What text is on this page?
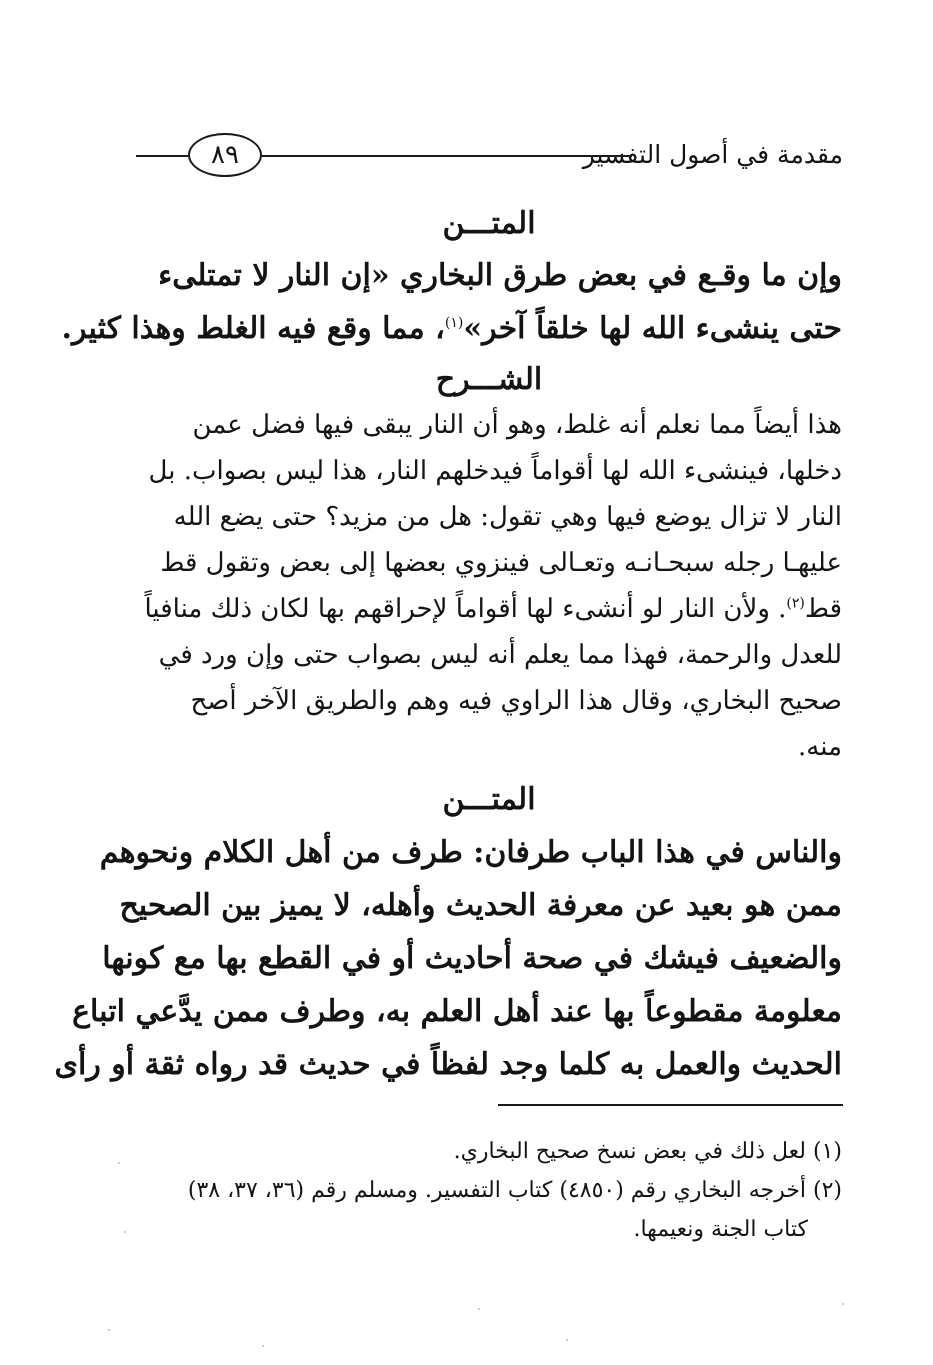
مقدمة في أصول التفسير
٨٩
المتـــن
وإن ما وقـع في بعض طرق البخاري «إن النار لا تمتلىء
حتى ينشىء الله لها خلقاً آخر»$^{(١)}$، مما وقع فيه الغلط وهذا كثير.
الشـــرح
هذا أيضاً مما نعلم أنه غلط، وهو أن النار يبقى فيها فضل عمن
دخلها، فينشىء الله لها أقواماً فيدخلهم النار، هذا ليس بصواب. بل
النار لا تزال يوضع فيها وهي تقول: هل من مزيد؟ حتى يضع الله
عليهـا رجله سبحـانـه وتعـالى فينزوي بعضها إلى بعض وتقول قط
قط$^{(٢)}$. ولأن النار لو أنشىء لها أقواماً لإحراقهم بها لكان ذلك منافياً
للعدل والرحمة، فهذا مما يعلم أنه ليس بصواب حتى وإن ورد في
صحيح البخاري، وقال هذا الراوي فيه وهم والطريق الآخر أصح
منه.
المتـــن
والناس في هذا الباب طرفان: طرف من أهل الكلام ونحوهم
ممن هو بعيد عن معرفة الحديث وأهله، لا يميز بين الصحيح
والضعيف فيشك في صحة أحاديث أو في القطع بها مع كونها
معلومة مقطوعاً بها عند أهل العلم به، وطرف ممن يدَّعي اتباع
الحديث والعمل به كلما وجد لفظاً في حديث قد رواه ثقة أو رأى
(١) لعل ذلك في بعض نسخ صحيح البخاري.
(٢) أخرجه البخاري رقم (٤٨٥٠) كتاب التفسير. ومسلم رقم (٣٦، ٣٧، ٣٨)
كتاب الجنة ونعيمها.
